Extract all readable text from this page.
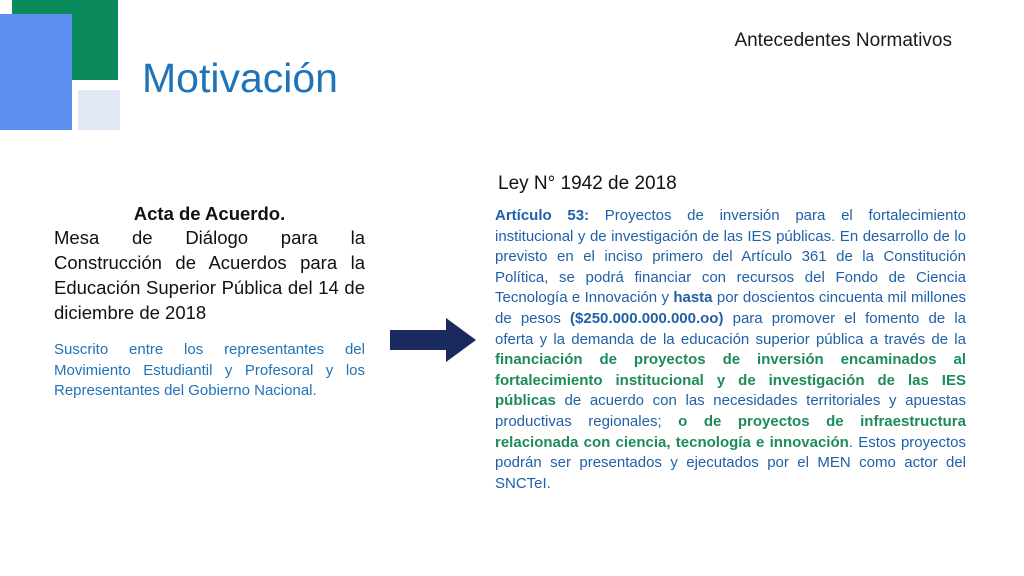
Motivación
Antecedentes Normativos
Acta de Acuerdo.
Mesa de Diálogo para la Construcción de Acuerdos para la Educación Superior Pública del 14 de diciembre de 2018
Suscrito entre los representantes del Movimiento Estudiantil y Profesoral y los Representantes del Gobierno Nacional.
Ley N° 1942 de 2018
Artículo 53: Proyectos de inversión para el fortalecimiento institucional y de investigación de las IES públicas. En desarrollo de lo previsto en el inciso primero del Artículo 361 de la Constitución Política, se podrá financiar con recursos del Fondo de Ciencia Tecnología e Innovación y hasta por doscientos cincuenta mil millones de pesos ($250.000.000.000.oo) para promover el fomento de la oferta y la demanda de la educación superior pública a través de la financiación de proyectos de inversión encaminados al fortalecimiento institucional y de investigación de las IES públicas de acuerdo con las necesidades territoriales y apuestas productivas regionales; o de proyectos de infraestructura relacionada con ciencia, tecnología e innovación. Estos proyectos podrán ser presentados y ejecutados por el MEN como actor del SNCTeI.
